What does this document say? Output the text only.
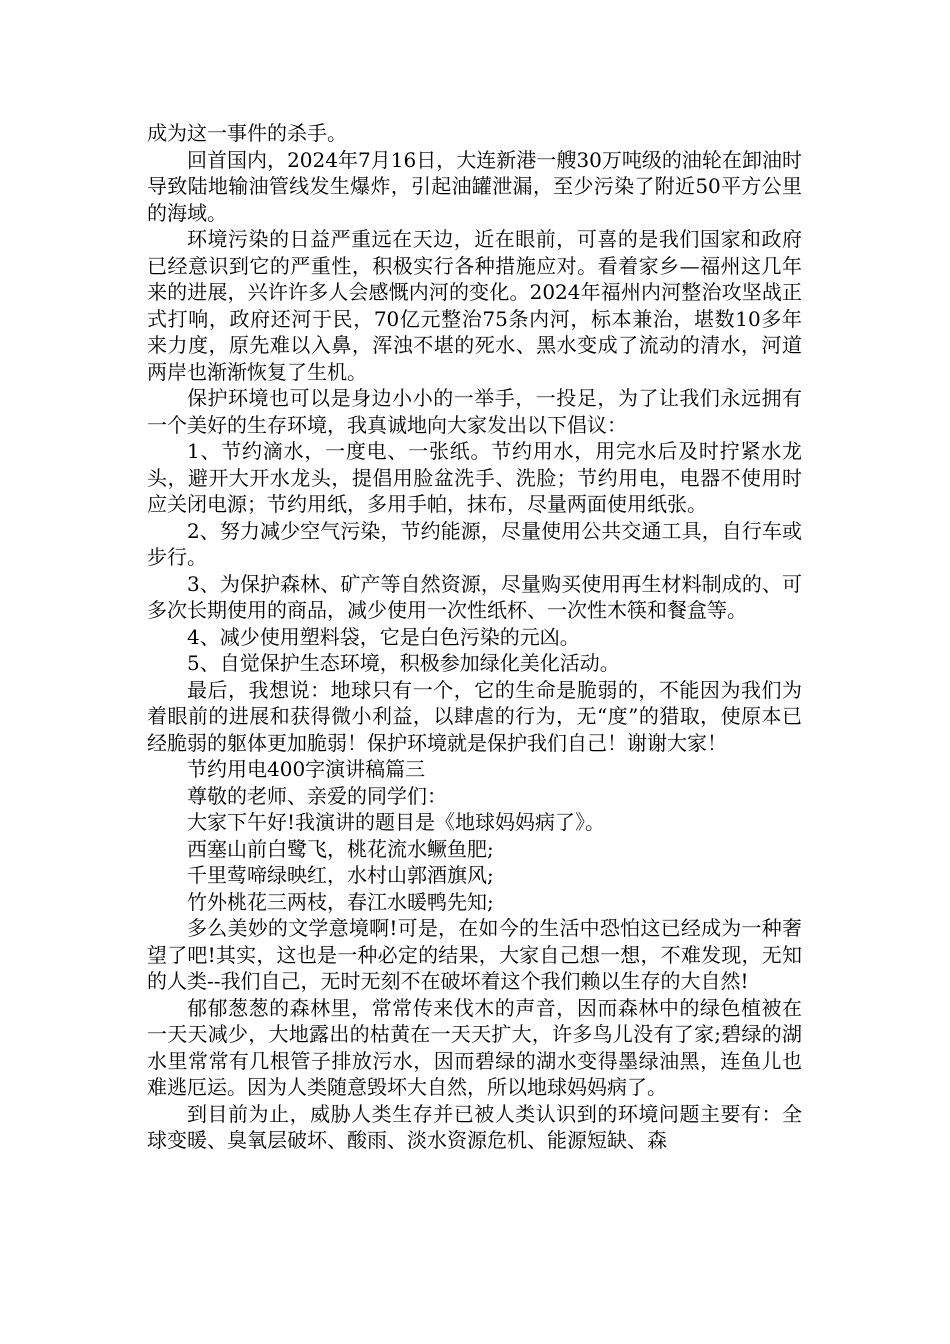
成为这一事件的杀手。

回首国内，2024年7月16日，大连新港一艘30万吨级的油轮在卸油时导致陆地输油管线发生爆炸，引起油罐泄漏，至少污染了附近50平方公里的海域。

环境污染的日益严重远在天边，近在眼前，可喜的是我们国家和政府已经意识到它的严重性，积极实行各种措施应对。看着家乡—福州这几年来的进展，兴许许多人会感慨内河的变化。2024年福州内河整治攻坚战正式打响，政府还河于民，70亿元整治75条内河，标本兼治，堪数10多年来力度，原先难以入鼻，浑浊不堪的死水、黑水变成了流动的清水，河道两岸也渐渐恢复了生机。

保护环境也可以是身边小小的一举手，一投足，为了让我们永远拥有一个美好的生存环境，我真诚地向大家发出以下倡议：

1、节约滴水，一度电、一张纸。节约用水，用完水后及时拧紧水龙头，避开大开水龙头，提倡用脸盆洗手、洗脸；节约用电，电器不使用时应关闭电源；节约用纸，多用手帕，抹布，尽量两面使用纸张。

2、努力减少空气污染，节约能源，尽量使用公共交通工具，自行车或步行。

3、为保护森林、矿产等自然资源，尽量购买使用再生材料制成的、可多次长期使用的商品，减少使用一次性纸杯、一次性木筷和餐盒等。

4、减少使用塑料袋，它是白色污染的元凶。

5、自觉保护生态环境，积极参加绿化美化活动。

最后，我想说：地球只有一个，它的生命是脆弱的，不能因为我们为着眼前的进展和获得微小利益，以肆虐的行为，无“度”的猎取，使原本已经脆弱的躯体更加脆弱！保护环境就是保护我们自己！谢谢大家！

节约用电400字演讲稿篇三

尊敬的老师、亲爱的同学们：

大家下午好!我演讲的题目是《地球妈妈病了》。

西塞山前白鹭飞，桃花流水鳜鱼肥;

千里莺啼绿映红，水村山郭酒旗风;

竹外桃花三两枝，春江水暖鸭先知;

多么美妙的文学意境啊!可是，在如今的生活中恐怕这已经成为一种奢望了吧!其实，这也是一种必定的结果，大家自己想一想，不难发现，无知的人类--我们自己，无时无刻不在破坏着这个我们赖以生存的大自然!

郁郁葱葱的森林里，常常传来伐木的声音，因而森林中的绿色植被在一天天减少，大地露出的枯黄在一天天扩大，许多鸟儿没有了家;碧绿的湖水里常常有几根管子排放污水，因而碧绿的湖水变得墨绿油黑，连鱼儿也难逃厄运。因为人类随意毁坏大自然，所以地球妈妈病了。

到目前为止，威胁人类生存并已被人类认识到的环境问题主要有：全球变暖、臭氧层破坏、酸雨、淡水资源危机、能源短缺、森
